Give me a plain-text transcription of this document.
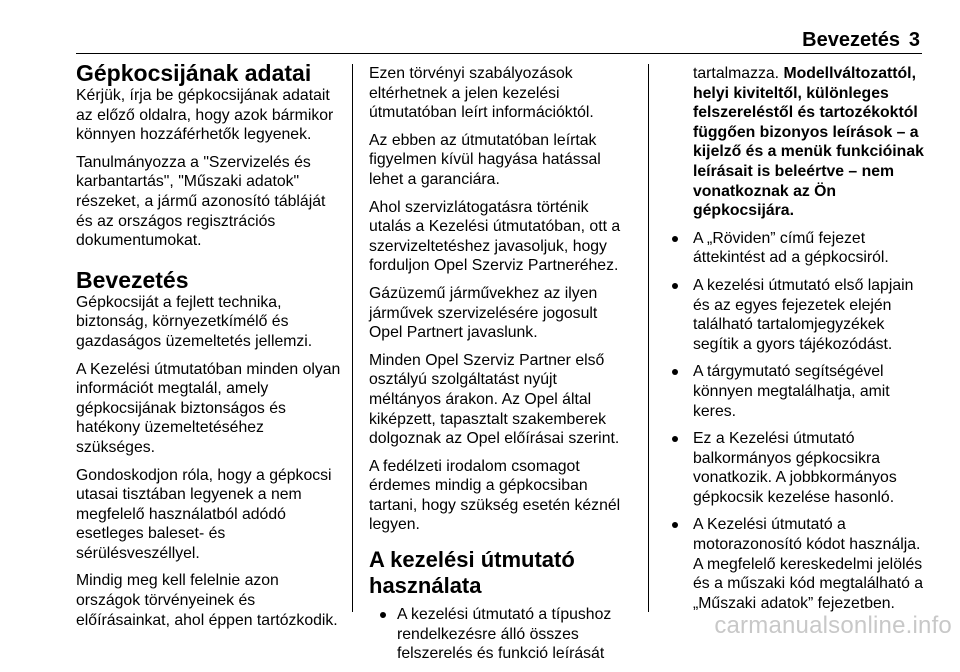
Bevezetés 3
Gépkocsijának adatai

Kérjük, írja be gépkocsijának adatait az előző oldalra, hogy azok bármikor könnyen hozzáférhetők legyenek.

Tanulmányozza a "Szervizelés és karbantartás", "Műszaki adatok" részeket, a jármű azonosító tábláját és az országos regisztrációs dokumentumokat.

Bevezetés

Gépkocsiját a fejlett technika, biztonság, környezetkímélő és gazdaságos üzemeltetés jellemzi.

A Kezelési útmutatóban minden olyan információt megtalál, amely gépkocsijának biztonságos és hatékony üzemeltetéséhez szükséges.

Gondoskodjon róla, hogy a gépkocsi utasai tisztában legyenek a nem megfelelő használatból adódó esetleges baleset- és sérülésveszéllyel.

Mindig meg kell felelnie azon országok törvényeinek és előírásainkat, ahol éppen tartózkodik.

Ezen törvényi szabályozások eltérhetnek a jelen kezelési útmutatóban leírt információktól.

Az ebben az útmutatóban leírtak figyelmen kívül hagyása hatással lehet a garanciára.

Ahol szervizlátogatásra történik utalás a Kezelési útmutatóban, ott a szervizeltetéshez javasoljuk, hogy forduljon Opel Szerviz Partneréhez.

Gázüzemű járművekhez az ilyen járművek szervizelésére jogosult Opel Partnert javaslunk.

Minden Opel Szerviz Partner első osztályú szolgáltatást nyújt méltányos árakon. Az Opel által kiképzett, tapasztalt szakemberek dolgoznak az Opel előírásai szerint.

A fedélzeti irodalom csomagot érdemes mindig a gépkocsiban tartani, hogy szükség esetén kéznél legyen.

A kezelési útmutató használata
A kezelési útmutató a típushoz rendelkezésre álló összes felszerelés és funkció leírását

tartalmazza. Modellváltozattól, helyi kiviteltől, különleges felszereléstől és tartozékoktól függően bizonyos leírások – a kijelző és a menük funkcióinak leírásait is beleértve – nem vonatkoznak az Ön gépkocsijára.

A „Röviden” című fejezet áttekintést ad a gépkocsiról.
A kezelési útmutató első lapjain és az egyes fejezetek elején található tartalomjegyzékek segítik a gyors tájékozódást.
A tárgymutató segítségével könnyen megtalálhatja, amit keres.
Ez a Kezelési útmutató balkormányos gépkocsikra vonatkozik. A jobbkormányos gépkocsik kezelése hasonló.
A Kezelési útmutató a motorazonosító kódot használja. A megfelelő kereskedelmi jelölés és a műszaki kód megtalálható a „Műszaki adatok” fejezetben.
carmanualsonline.info
